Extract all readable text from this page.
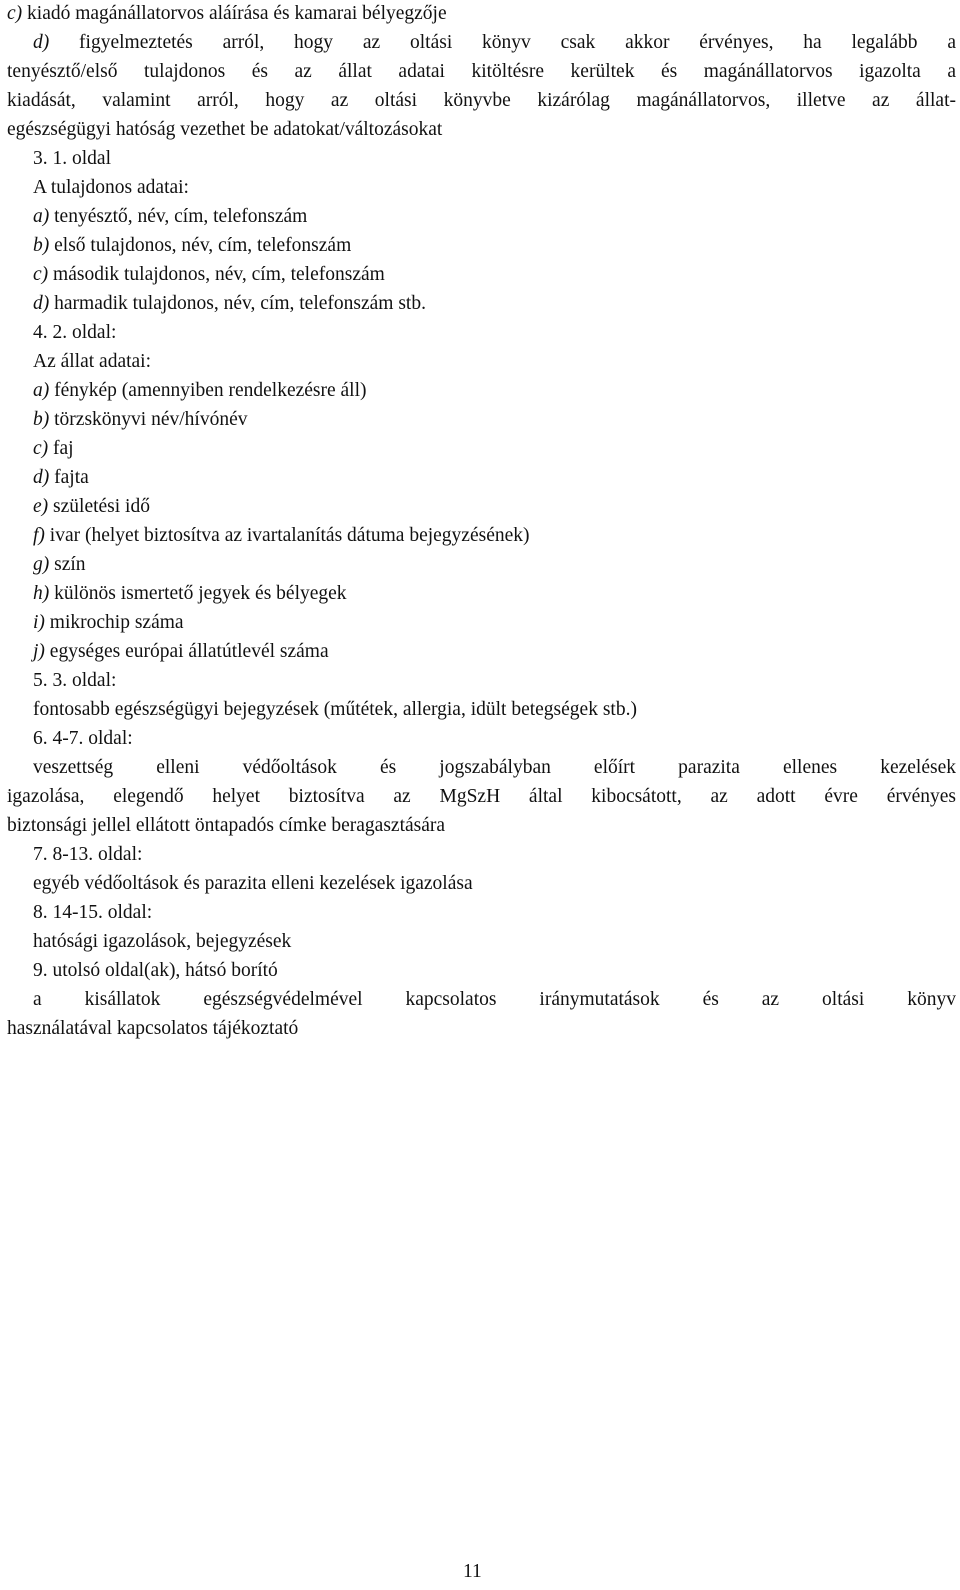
c) kiadó magánállatorvos aláírása és kamarai bélyegzője
d) figyelmeztetés arról, hogy az oltási könyv csak akkor érvényes, ha legalább a
tenyésztő/első tulajdonos és az állat adatai kitöltésre kerültek és magánállatorvos igazolta a
kiadását, valamint arról, hogy az oltási könyvbe kizárólag magánállatorvos, illetve az állat-
egészségügyi hatóság vezethet be adatokat/változásokat
3. 1. oldal
A tulajdonos adatai:
a) tenyésztő, név, cím, telefonszám
b) első tulajdonos, név, cím, telefonszám
c) második tulajdonos, név, cím, telefonszám
d) harmadik tulajdonos, név, cím, telefonszám stb.
4. 2. oldal:
Az állat adatai:
a) fénykép (amennyiben rendelkezésre áll)
b) törzskönyvi név/hívónév
c) faj
d) fajta
e) születési idő
f) ivar (helyet biztosítva az ivartalanítás dátuma bejegyzésének)
g) szín
h) különös ismertető jegyek és bélyegek
i) mikrochip száma
j) egységes európai állatútlevél száma
5. 3. oldal:
fontosabb egészségügyi bejegyzések (műtétek, allergia, idült betegségek stb.)
6. 4-7. oldal:
veszettség elleni védőoltások és jogszabályban előírt parazita ellenes kezelések
igazolása, elegendő helyet biztosítva az MgSzH által kibocsátott, az adott évre érvényes
biztonsági jellel ellátott öntapadós címke beragasztására
7. 8-13. oldal:
egyéb védőoltások és parazita elleni kezelések igazolása
8. 14-15. oldal:
hatósági igazolások, bejegyzések
9. utolsó oldal(ak), hátsó borító
a kisállatok egészségvédelmével kapcsolatos iránymutatások és az oltási könyv
használatával kapcsolatos tájékoztató
11
